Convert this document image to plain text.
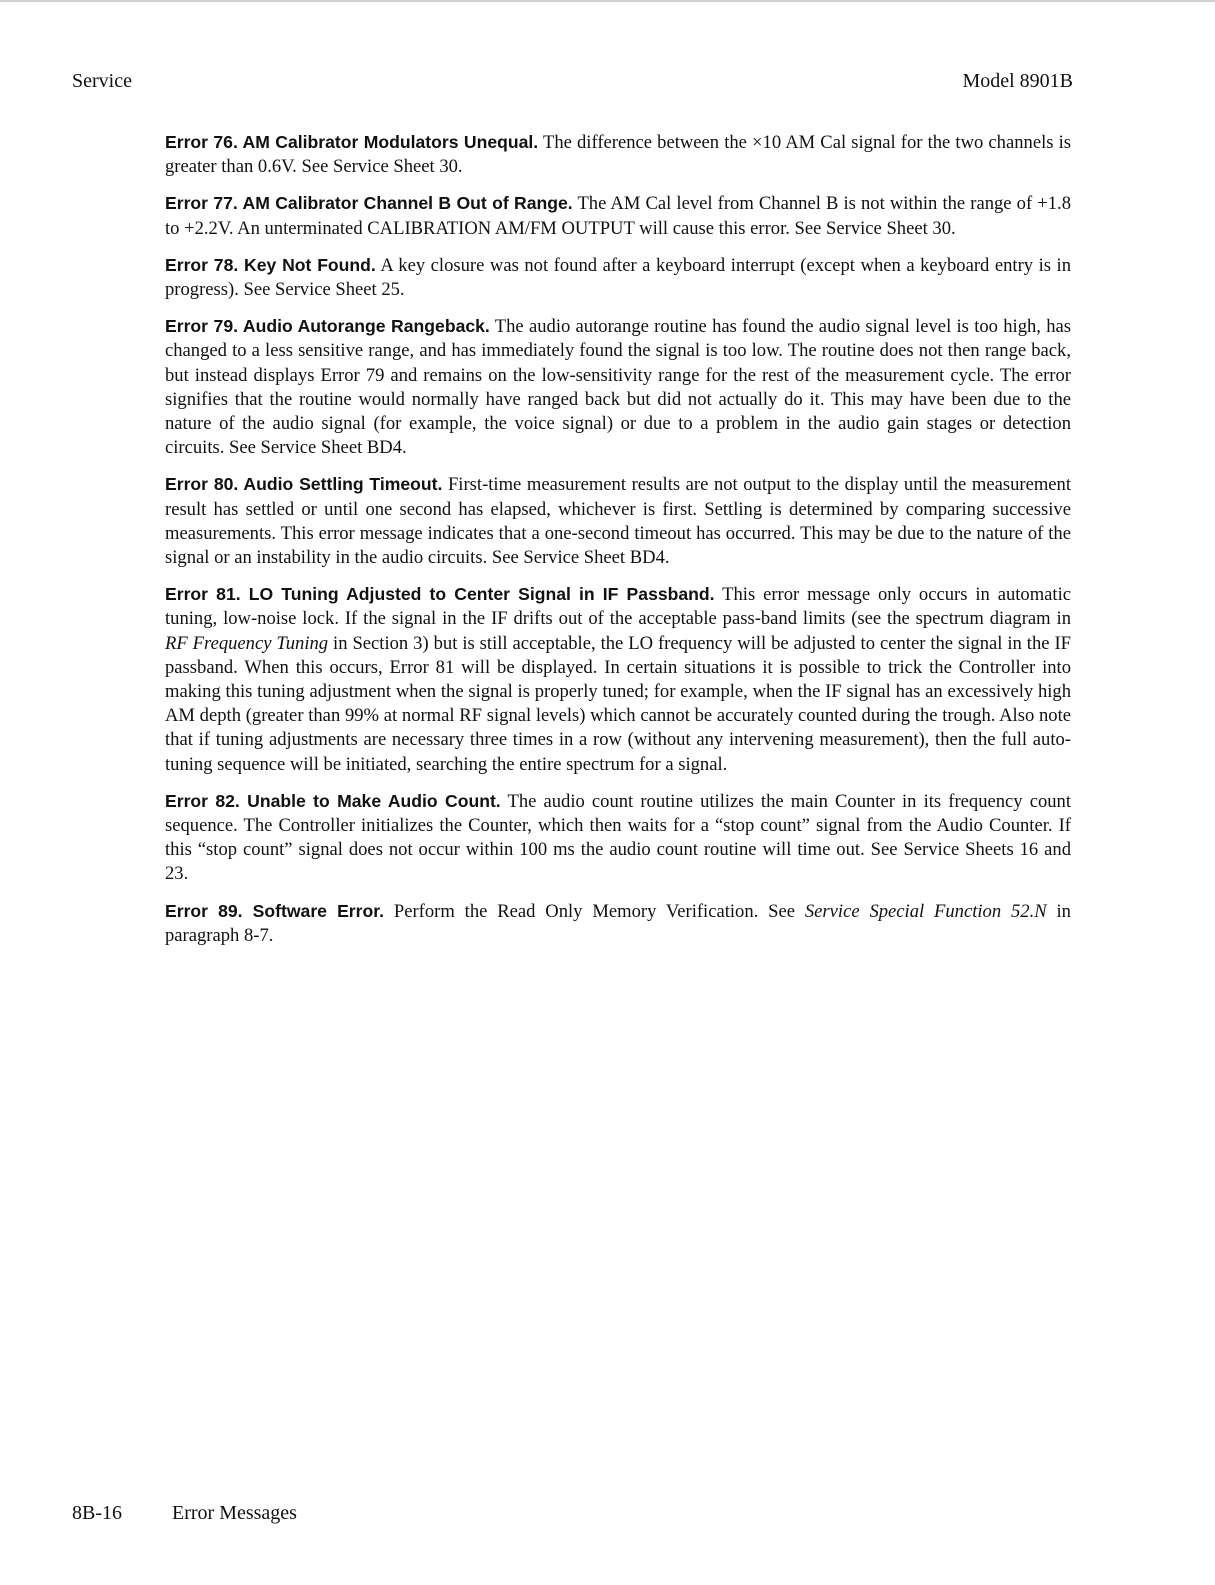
Service	Model 8901B

Error 76. AM Calibrator Modulators Unequal. The difference between the ×10 AM Cal signal for the two channels is greater than 0.6V. See Service Sheet 30.

Error 77. AM Calibrator Channel B Out of Range. The AM Cal level from Channel B is not within the range of +1.8 to +2.2V. An unterminated CALIBRATION AM/FM OUTPUT will cause this error. See Service Sheet 30.

Error 78. Key Not Found. A key closure was not found after a keyboard interrupt (except when a keyboard entry is in progress). See Service Sheet 25.

Error 79. Audio Autorange Rangeback. The audio autorange routine has found the audio signal level is too high, has changed to a less sensitive range, and has immediately found the signal is too low. The routine does not then range back, but instead displays Error 79 and remains on the low-sensitivity range for the rest of the measurement cycle. The error signifies that the routine would normally have ranged back but did not actually do it. This may have been due to the nature of the audio signal (for example, the voice signal) or due to a problem in the audio gain stages or detection circuits. See Service Sheet BD4.

Error 80. Audio Settling Timeout. First-time measurement results are not output to the display until the measurement result has settled or until one second has elapsed, whichever is first. Settling is determined by comparing successive measurements. This error message indicates that a one-second timeout has occurred. This may be due to the nature of the signal or an instability in the audio circuits. See Service Sheet BD4.

Error 81. LO Tuning Adjusted to Center Signal in IF Passband. This error message only occurs in automatic tuning, low-noise lock. If the signal in the IF drifts out of the acceptable pass-band limits (see the spectrum diagram in RF Frequency Tuning in Section 3) but is still acceptable, the LO frequency will be adjusted to center the signal in the IF passband. When this occurs, Error 81 will be displayed. In certain situations it is possible to trick the Controller into making this tuning adjustment when the signal is properly tuned; for example, when the IF signal has an excessively high AM depth (greater than 99% at normal RF signal levels) which cannot be accurately counted during the trough. Also note that if tuning adjustments are necessary three times in a row (without any intervening measurement), then the full auto-tuning sequence will be initiated, searching the entire spectrum for a signal.

Error 82. Unable to Make Audio Count. The audio count routine utilizes the main Counter in its frequency count sequence. The Controller initializes the Counter, which then waits for a “stop count” signal from the Audio Counter. If this “stop count” signal does not occur within 100 ms the audio count routine will time out. See Service Sheets 16 and 23.

Error 89. Software Error. Perform the Read Only Memory Verification. See Service Special Function 52.N in paragraph 8-7.

8B-16	Error Messages
